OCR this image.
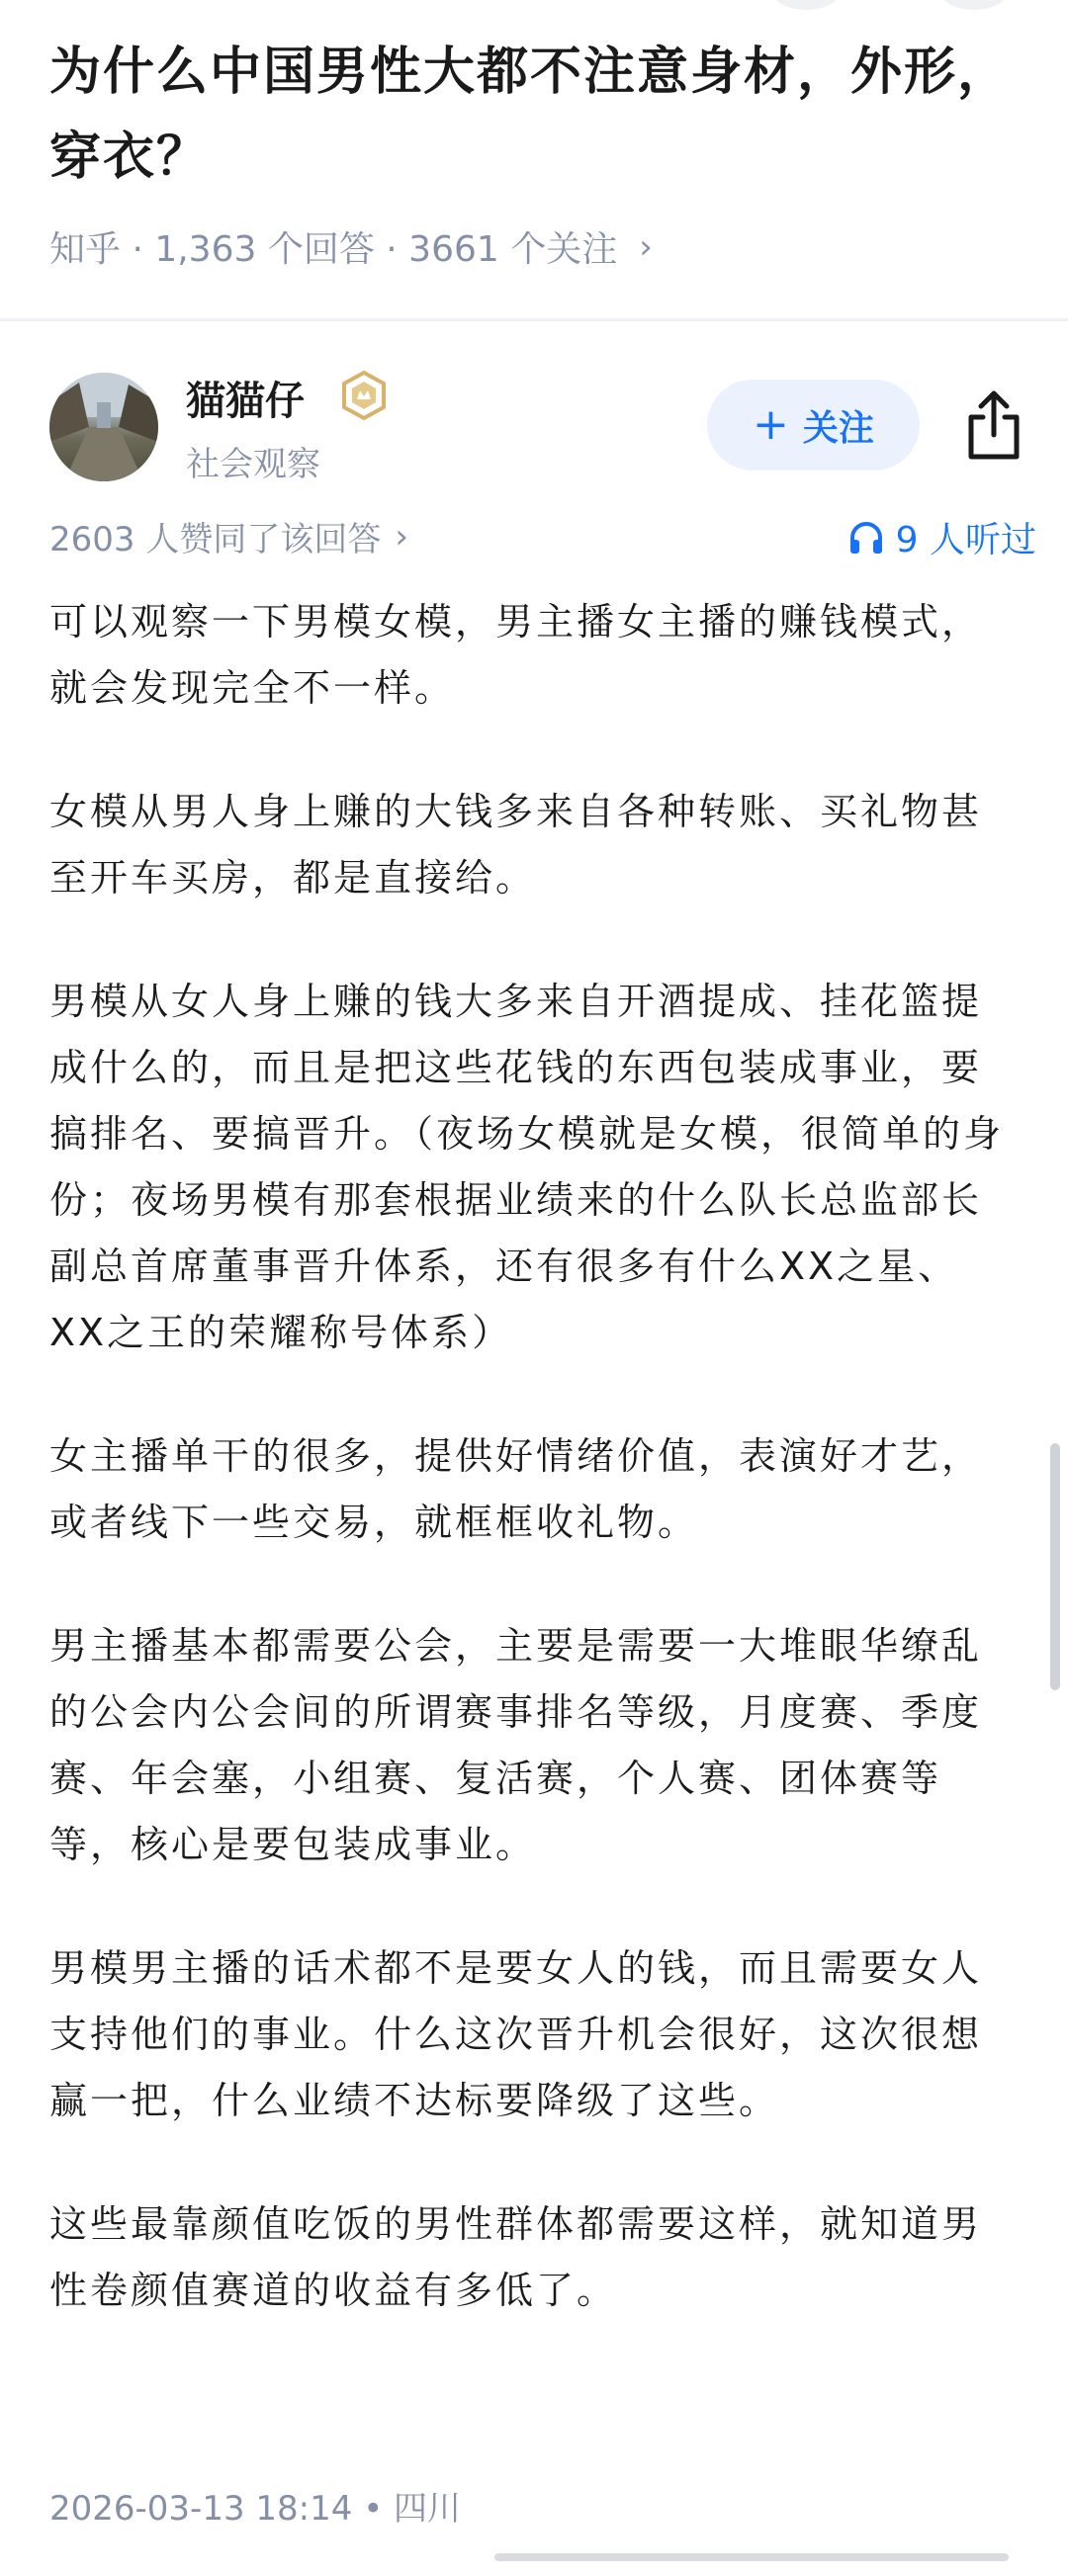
为什么中国男性大都不注意身材，外形，穿衣？
知乎 · 1,363 个回答 · 3661 个关注 ›
猫猫仔
社会观察
+ 关注
2603 人赞同了该回答 ›	9 人听过

可以观察一下男模女模，男主播女主播的赚钱模式，就会发现完全不一样。

女模从男人身上赚的大钱多来自各种转账、买礼物甚至开车买房，都是直接给。

男模从女人身上赚的钱大多来自开酒提成、挂花篮提成什么的，而且是把这些花钱的东西包装成事业，要搞排名、要搞晋升。（夜场女模就是女模，很简单的身份；夜场男模有那套根据业绩来的什么队长总监部长副总首席董事晋升体系，还有很多有什么XX之星、XX之王的荣耀称号体系）

女主播单干的很多，提供好情绪价值，表演好才艺，或者线下一些交易，就框框收礼物。

男主播基本都需要公会，主要是需要一大堆眼华缭乱的公会内公会间的所谓赛事排名等级，月度赛、季度赛、年会塞，小组赛、复活赛，个人赛、团体赛等等，核心是要包装成事业。

男模男主播的话术都不是要女人的钱，而且需要女人支持他们的事业。什么这次晋升机会很好，这次很想赢一把，什么业绩不达标要降级了这些。

这些最靠颜值吃饭的男性群体都需要这样，就知道男性卷颜值赛道的收益有多低了。

2026-03-13 18:14 • 四川
